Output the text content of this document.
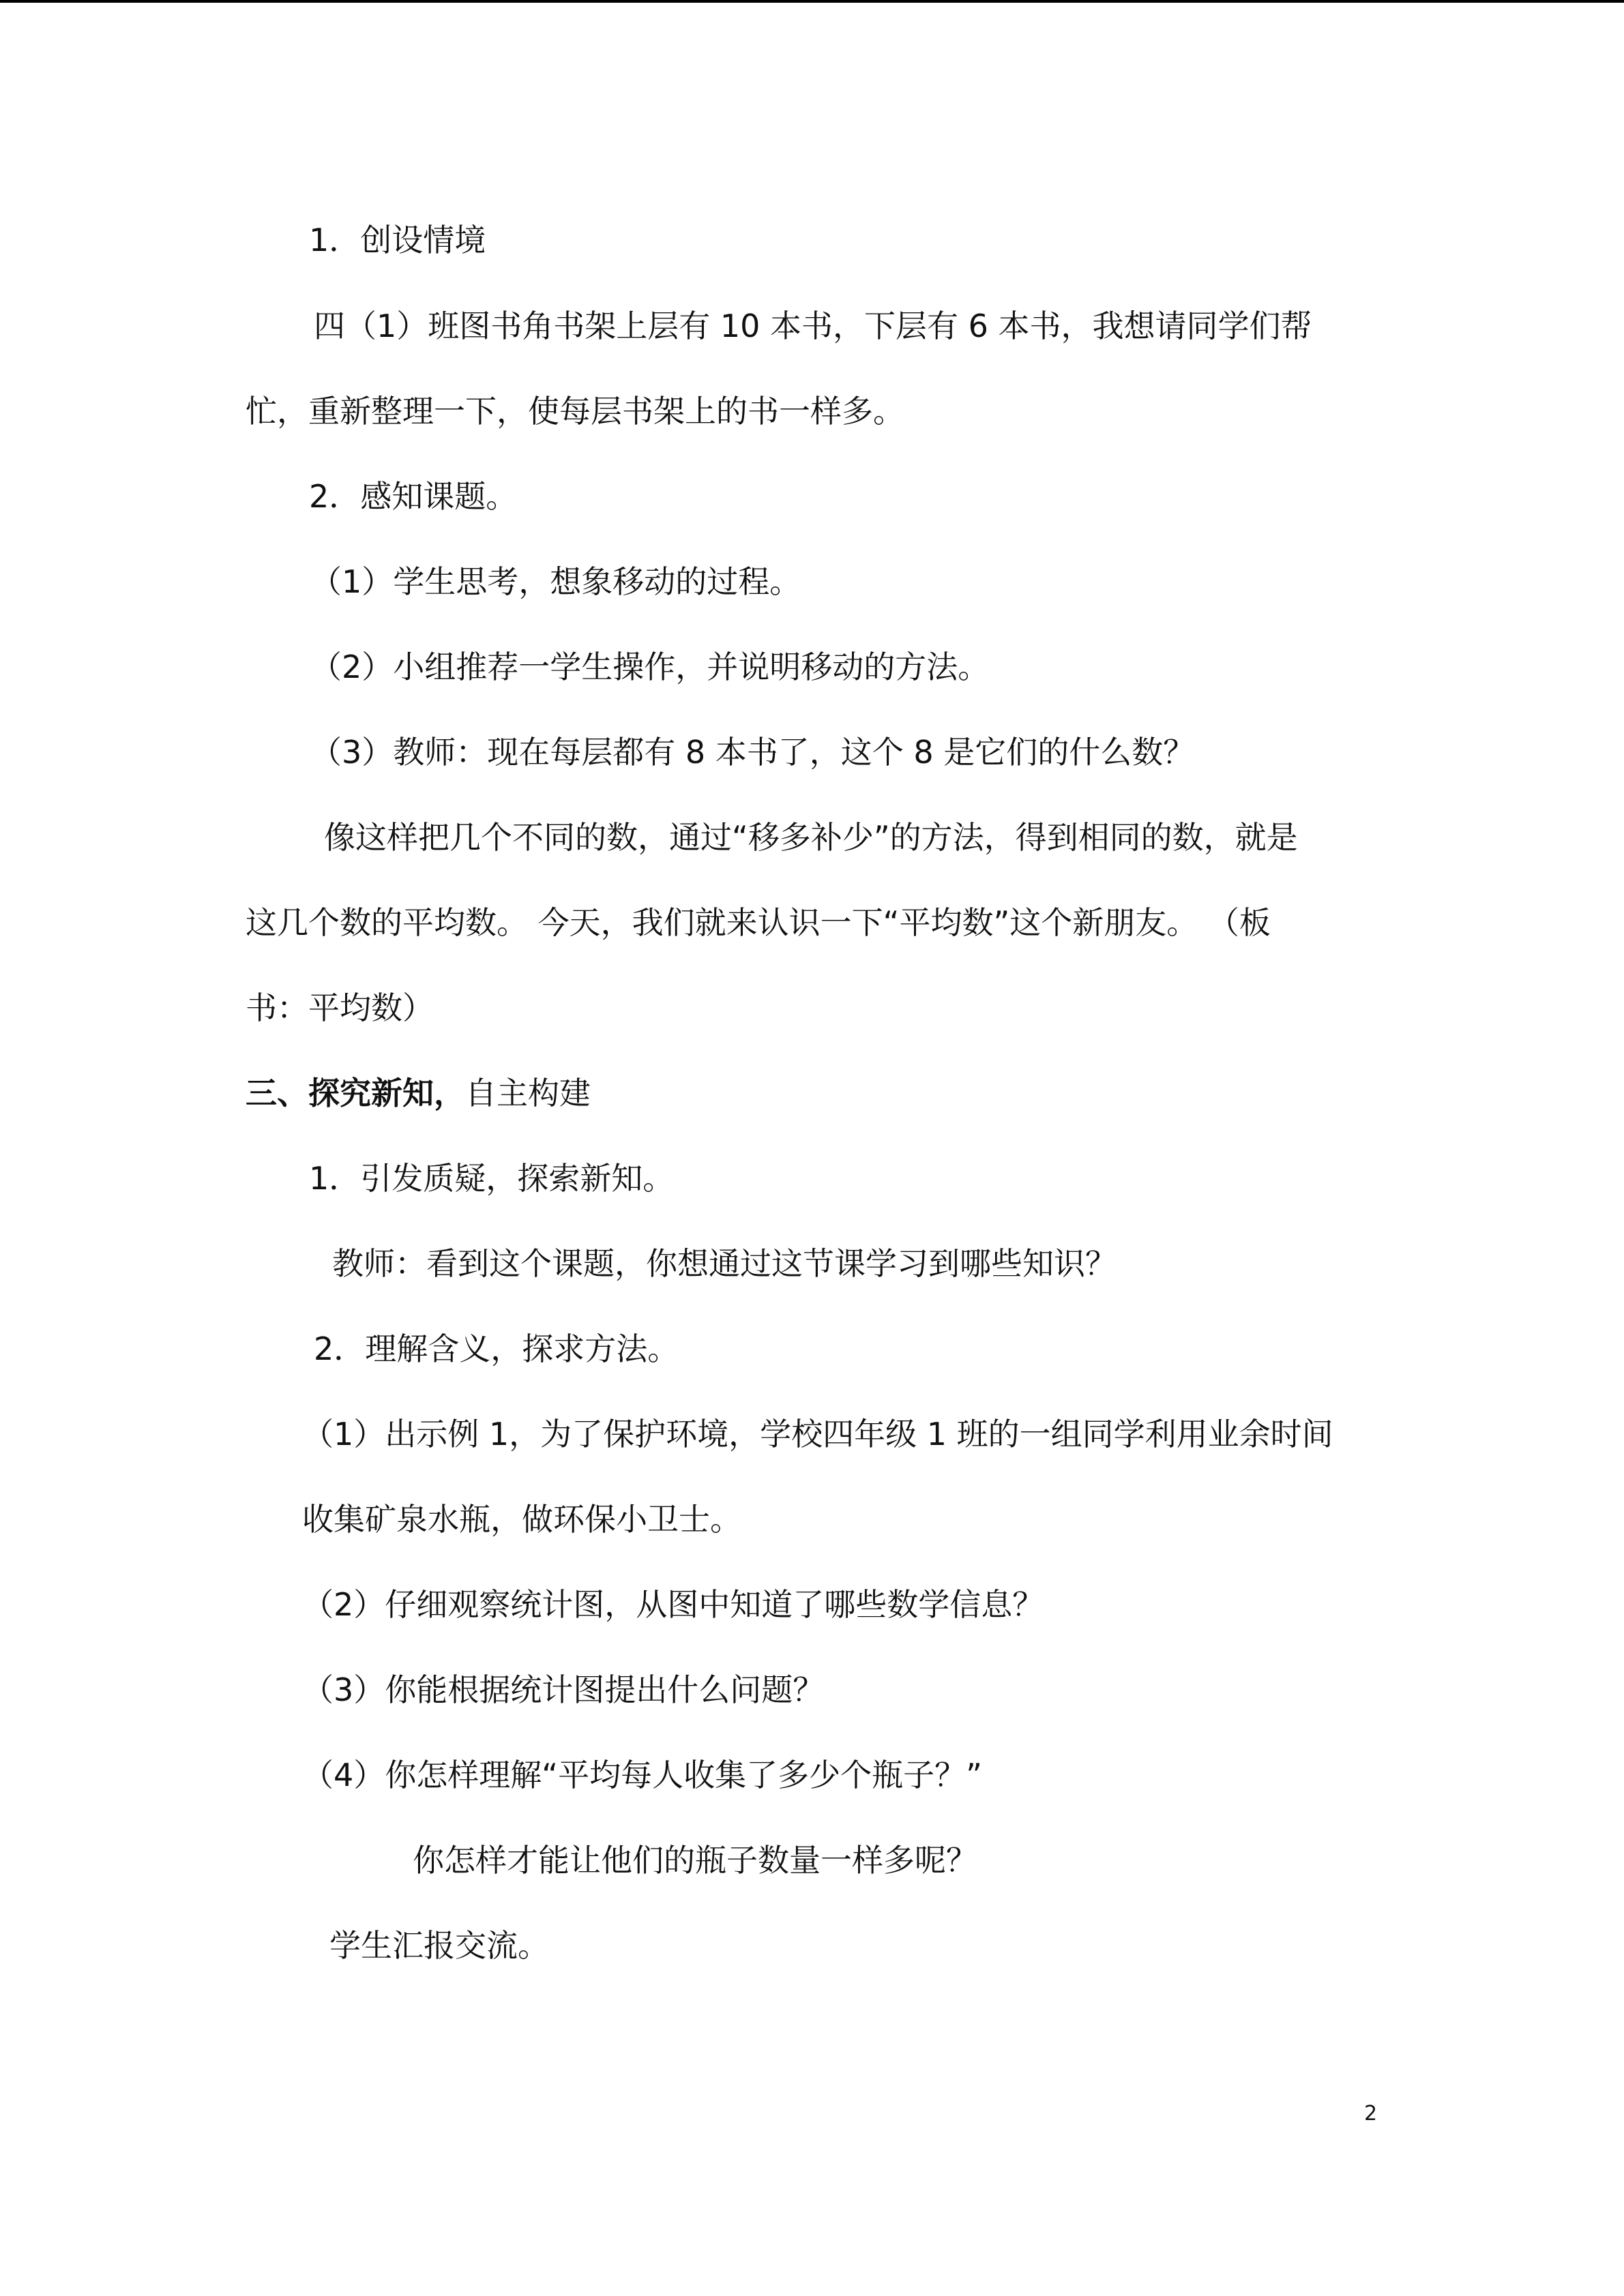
1．创设情境
四（1）班图书角书架上层有 10 本书，下层有 6 本书，我想请同学们帮
忙，重新整理一下，使每层书架上的书一样多。
2．感知课题。
（1）学生思考，想象移动的过程。
（2）小组推荐一学生操作，并说明移动的方法。
（3）教师：现在每层都有 8 本书了，这个 8 是它们的什么数？
像这样把几个不同的数，通过“移多补少”的方法，得到相同的数，就是
这几个数的平均数。 今天，我们就来认识一下“平均数”这个新朋友。 （板
书：平均数）
三、探究新知，自主构建
1．引发质疑，探索新知。
教师：看到这个课题，你想通过这节课学习到哪些知识？
2．理解含义，探求方法。
（1）出示例 1，为了保护环境，学校四年级 1 班的一组同学利用业余时间
收集矿泉水瓶，做环保小卫士。
（2）仔细观察统计图，从图中知道了哪些数学信息？
（3）你能根据统计图提出什么问题？
（4）你怎样理解“平均每人收集了多少个瓶子？”
你怎样才能让他们的瓶子数量一样多呢？
学生汇报交流。
2
